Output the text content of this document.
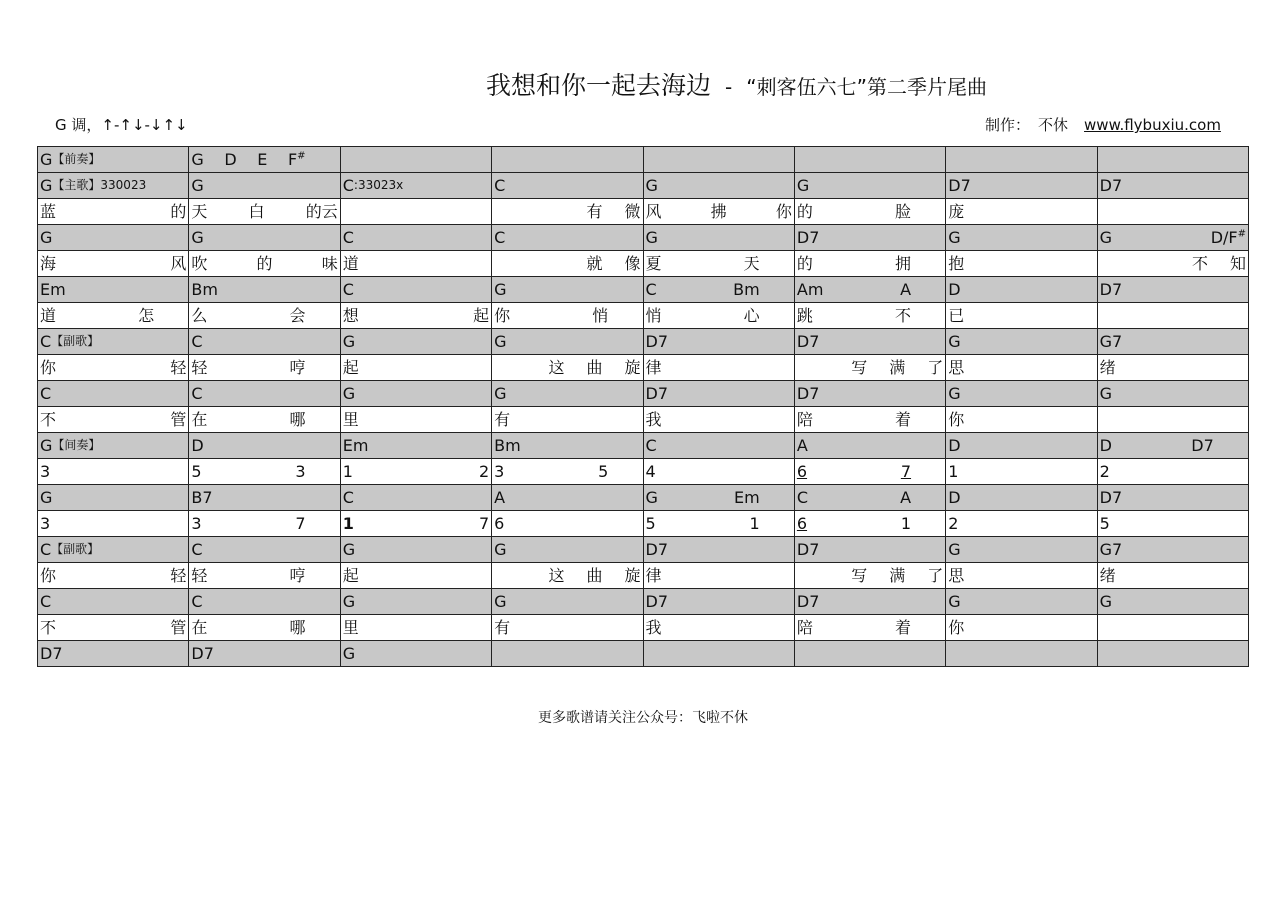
我想和你一起去海边 - “刺客伍六七”第二季片尾曲
G 调，↑-↑↓-↓↑↓	制作： 不休 www.flybuxiu.com
G 【前奏】	G D E F#

G 【主歌】330023	G	C :33023x	C	G	G	D7	D7

蓝 的	天 白 的云		有 微	风 拂 你	的 脸	庞	

G	G	C	C	G	D7	G	G D/F#

海 风	吹 的 味	道	就 像	夏 天	的 拥	抱	不 知

Em	Bm	C	G	C Bm	Am A	D	D7

道 怎	么 会	想 起	你 悄	悄 心	跳 不	已	

C 【副歌】	C	G	G	D7	D7	G	G7

你 轻	轻 哼	起	这 曲 旋	律	写 满 了	思	绪

C	C	G	G	D7	D7	G	G

不 管	在 哪	里	有	我	陪 着	你	

G 【间奏】	D	Em	Bm	C	A	D	D D7

3	5 3	1 2	3 5	4	6 7	1	2

G	B7	C	A	G Em	C A	D	D7

3	3 7	1 7	6	5 1	6 1	2	5

C 【副歌】	C	G	G	D7	D7	G	G7

你 轻	轻 哼	起	这 曲 旋	律	写 满 了	思	绪

C	C	G	G	D7	D7	G	G

不 管	在 哪	里	有	我	陪 着	你	

D7	D7	G					

更多歌谱请关注公众号：飞啦不休
